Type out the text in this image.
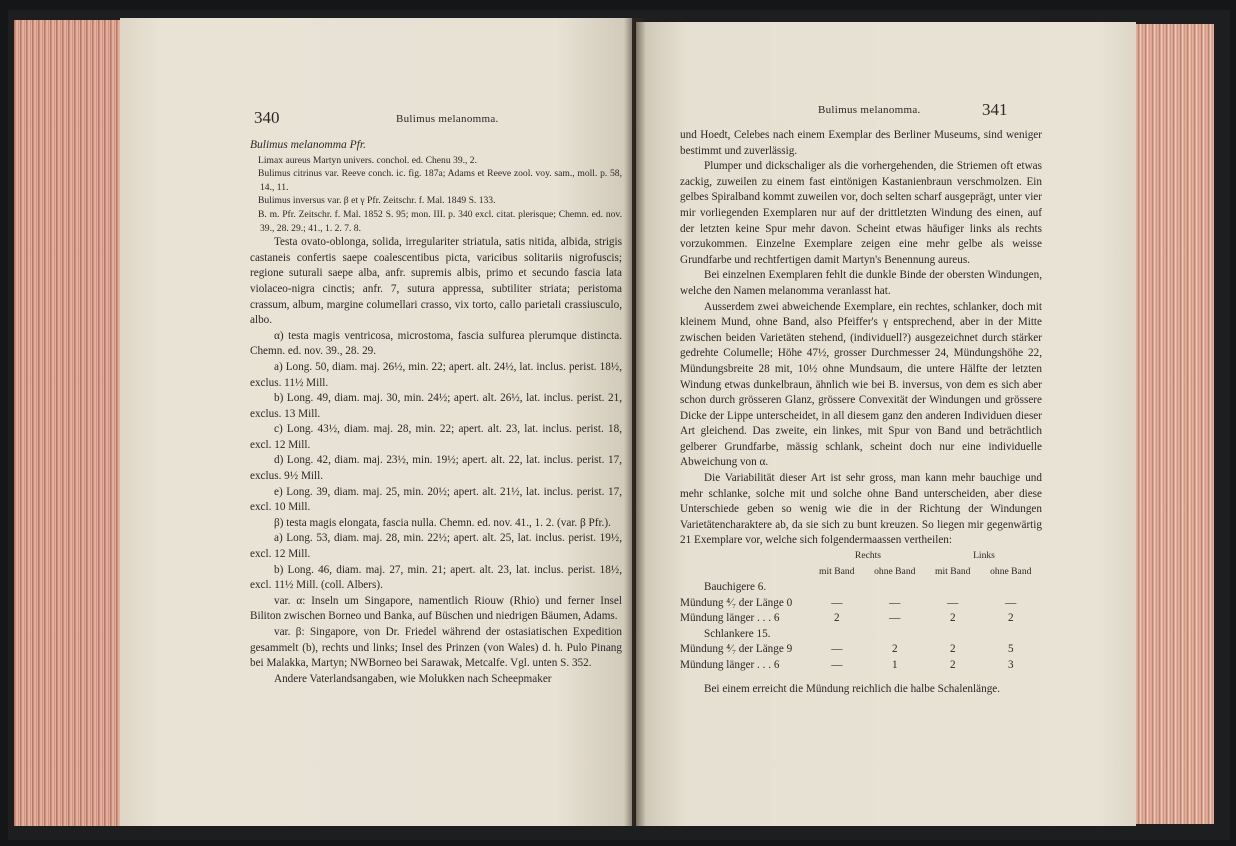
340	Bulimus melanomma.

Bulimus melanomma Pfr.

Limax aureus Martyn univers. conchol. ed. Chenu 39., 2.

Bulimus citrinus var. Reeve conch. ic. fig. 187a; Adams et Reeve zool. voy. sam., moll. p. 58, 14., 11.

Bulimus inversus var. β et γ Pfr. Zeitschr. f. Mal. 1849 S. 133.

B. m. Pfr. Zeitschr. f. Mal. 1852 S. 95; mon. III. p. 340 excl. citat. plerisque; Chemn. ed. nov. 39., 28. 29.; 41., 1. 2. 7. 8.

Testa ovato-oblonga, solida, irregulariter striatula, satis nitida, albida, strigis castaneis confertis saepe coalescentibus picta, varicibus solitariis nigrofuscis; regione suturali saepe alba, anfr. supremis albis, primo et secundo fascia lata violaceo-nigra cinctis; anfr. 7, sutura appressa, subtiliter striata; peristoma crassum, album, margine columellari crasso, vix torto, callo parietali crassiusculo, albo.

α) testa magis ventricosa, microstoma, fascia sulfurea plerumque distincta. Chemn. ed. nov. 39., 28. 29.

a) Long. 50, diam. maj. 26½, min. 22; apert. alt. 24½, lat. inclus. perist. 18½, exclus. 11½ Mill.

b) Long. 49, diam. maj. 30, min. 24½; apert. alt. 26½, lat. inclus. perist. 21, exclus. 13 Mill.

c) Long. 43½, diam. maj. 28, min. 22; apert. alt. 23, lat. inclus. perist. 18, excl. 12 Mill.

d) Long. 42, diam. maj. 23½, min. 19½; apert. alt. 22, lat. inclus. perist. 17, exclus. 9½ Mill.

e) Long. 39, diam. maj. 25, min. 20½; apert. alt. 21½, lat. inclus. perist. 17, excl. 10 Mill.

β) testa magis elongata, fascia nulla. Chemn. ed. nov. 41., 1. 2. (var. β Pfr.).

a) Long. 53, diam. maj. 28, min. 22½; apert. alt. 25, lat. inclus. perist. 19½, excl. 12 Mill.

b) Long. 46, diam. maj. 27, min. 21; apert. alt. 23, lat. inclus. perist. 18½, excl. 11½ Mill. (coll. Albers).

var. α: Inseln um Singapore, namentlich Riouw (Rhio) und ferner Insel Biliton zwischen Borneo und Banka, auf Büschen und niedrigen Bäumen, Adams.

var. β: Singapore, von Dr. Friedel während der ostasiatischen Expedition gesammelt (b), rechts und links; Insel des Prinzen (von Wales) d. h. Pulo Pinang bei Malakka, Martyn; NWBorneo bei Sarawak, Metcalfe. Vgl. unten S. 352.

Andere Vaterlandsangaben, wie Molukken nach Scheepmaker

Bulimus melanomma.	341

und Hoedt, Celebes nach einem Exemplar des Berliner Museums, sind weniger bestimmt und zuverlässig.

Plumper und dickschaliger als die vorhergehenden, die Striemen oft etwas zackig, zuweilen zu einem fast eintönigen Kastanienbraun verschmolzen. Ein gelbes Spiralband kommt zuweilen vor, doch selten scharf ausgeprägt, unter vier mir vorliegenden Exemplaren nur auf der drittletzten Windung des einen, auf der letzten keine Spur mehr davon. Scheint etwas häufiger links als rechts vorzukommen. Einzelne Exemplare zeigen eine mehr gelbe als weisse Grundfarbe und rechtfertigen damit Martyn's Benennung aureus.

Bei einzelnen Exemplaren fehlt die dunkle Binde der obersten Windungen, welche den Namen melanomma veranlasst hat.

Ausserdem zwei abweichende Exemplare, ein rechtes, schlanker, doch mit kleinem Mund, ohne Band, also Pfeiffer's γ entsprechend, aber in der Mitte zwischen beiden Varietäten stehend, (individuell?) ausgezeichnet durch stärker gedrehte Columelle; Höhe 47½, grosser Durchmesser 24, Mündungshöhe 22, Mündungsbreite 28 mit, 10½ ohne Mundsaum, die untere Hälfte der letzten Windung etwas dunkelbraun, ähnlich wie bei B. inversus, von dem es sich aber schon durch grösseren Glanz, grössere Convexität der Windungen und grössere Dicke der Lippe unterscheidet, in all diesem ganz den anderen Individuen dieser Art gleichend. Das zweite, ein linkes, mit Spur von Band und beträchtlich gelberer Grundfarbe, mässig schlank, scheint doch nur eine individuelle Abweichung von α.

Die Variabilität dieser Art ist sehr gross, man kann mehr bauchige und mehr schlanke, solche mit und solche ohne Band unterscheiden, aber diese Unterschiede geben so wenig wie die in der Richtung der Windungen Varietätencharaktere ab, da sie sich zu bunt kreuzen. So liegen mir gegenwärtig 21 Exemplare vor, welche sich folgendermaassen vertheilen:

	Rechts		Links	
	mit Band	ohne Band	mit Band	ohne Band
Bauchigere 6.				
Mündung ⁴⁄₇ der Länge 0	—	—	—	—
Mündung länger . . . 6	2	—	2	2
Schlankere 15.				
Mündung ⁴⁄₇ der Länge 9	—	2	2	5
Mündung länger . . . 6	—	1	2	3
Bei einem erreicht die Mündung reichlich die halbe Schalenlänge.
